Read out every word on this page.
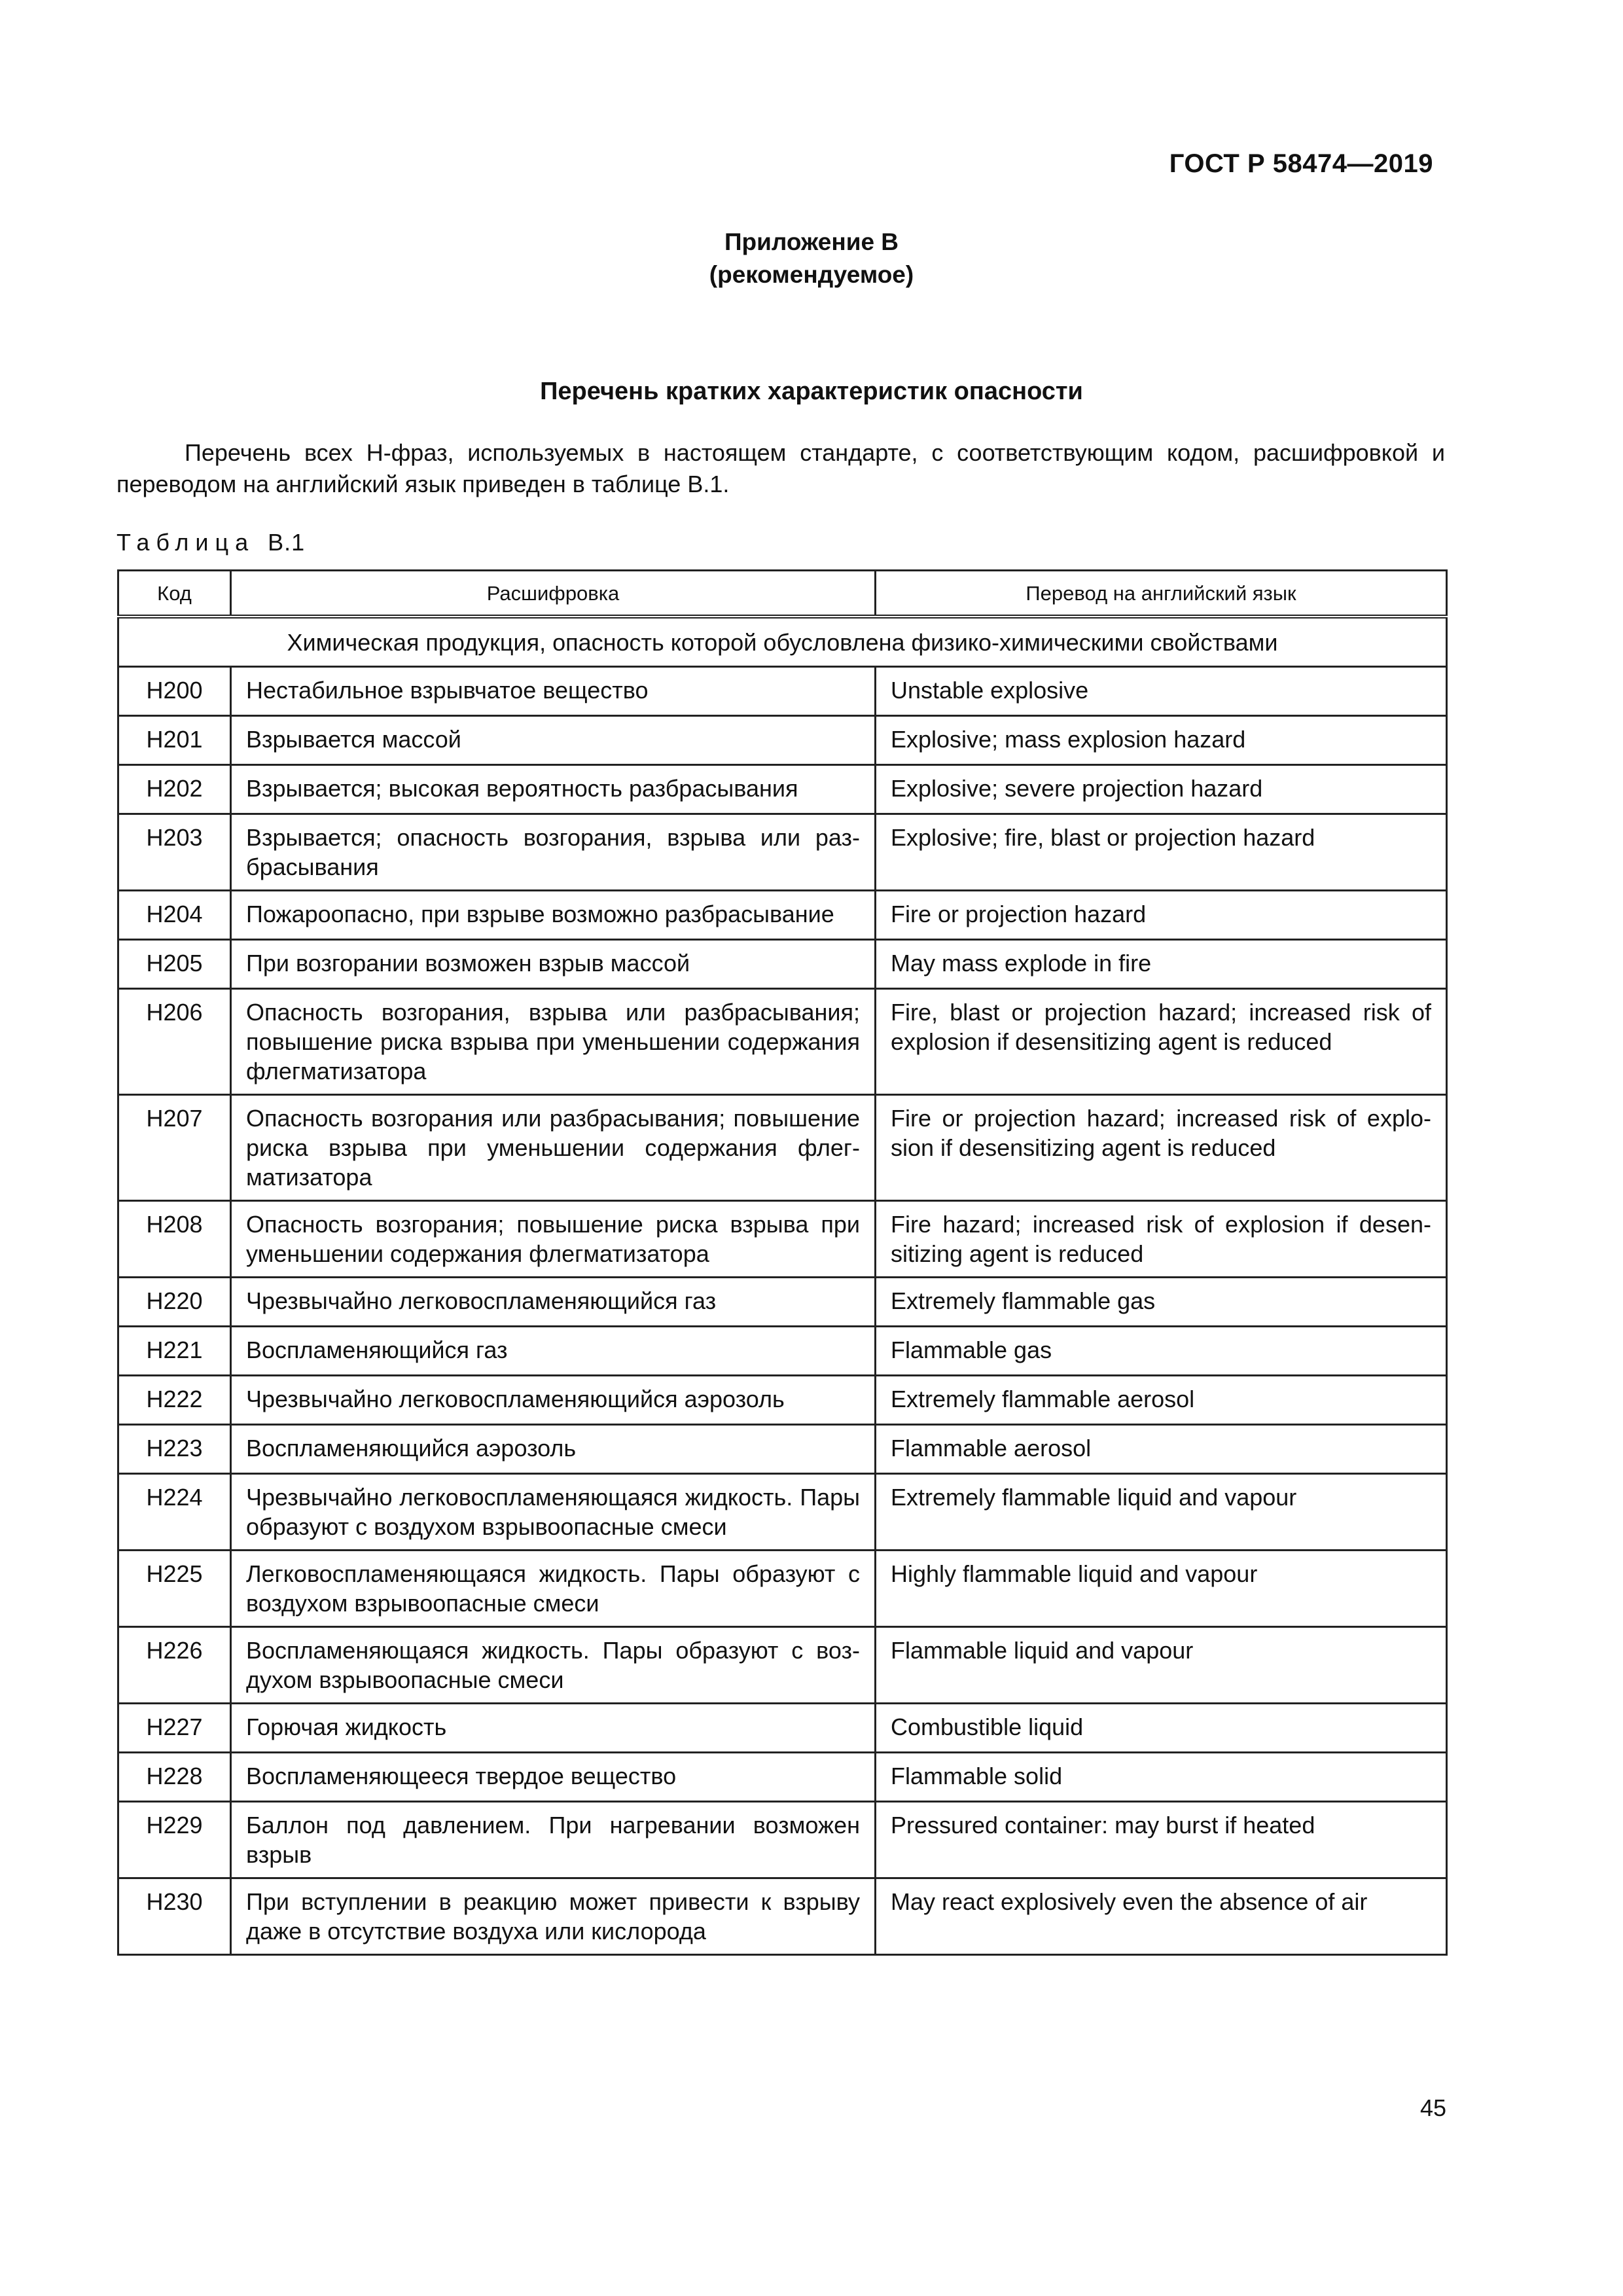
ГОСТ Р 58474—2019
Приложение В
(рекомендуемое)
Перечень кратких характеристик опасности
Перечень всех Н-фраз, используемых в настоящем стандарте, с соответствующим кодом, расшифровкой и переводом на английский язык приведен в таблице В.1.
Таблица В.1
Код	Расшифровка	Перевод на английский язык
Химическая продукция, опасность которой обусловлена физико-химическими свойствами		
Н200	Нестабильное взрывчатое вещество	Unstable explosive
Н201	Взрывается массой	Explosive; mass explosion hazard
Н202	Взрывается; высокая вероятность разбрасывания	Explosive; severe projection hazard
Н203	Взрывается; опасность возгорания, взрыва или разбрасывания	Explosive; fire, blast or projection hazard
Н204	Пожароопасно, при взрыве возможно разбрасывание	Fire or projection hazard
Н205	При возгорании возможен взрыв массой	May mass explode in fire
Н206	Опасность возгорания, взрыва или разбрасывания; повышение риска взрыва при уменьшении содержания флегматизатора	Fire, blast or projection hazard; increased risk of explosion if desensitizing agent is reduced
Н207	Опасность возгорания или разбрасывания; повышение риска взрыва при уменьшении содержания флегматизатора	Fire or projection hazard; increased risk of explosion if desensitizing agent is reduced
Н208	Опасность возгорания; повышение риска взрыва при уменьшении содержания флегматизатора	Fire hazard; increased risk of explosion if desensitizing agent is reduced
Н220	Чрезвычайно легковоспламеняющийся газ	Extremely flammable gas
Н221	Воспламеняющийся газ	Flammable gas
Н222	Чрезвычайно легковоспламеняющийся аэрозоль	Extremely flammable aerosol
Н223	Воспламеняющийся аэрозоль	Flammable aerosol
Н224	Чрезвычайно легковоспламеняющаяся жидкость. Пары образуют с воздухом взрывоопасные смеси	Extremely flammable liquid and vapour
Н225	Легковоспламеняющаяся жидкость. Пары образуют с воздухом взрывоопасные смеси	Highly flammable liquid and vapour
Н226	Воспламеняющаяся жидкость. Пары образуют с воздухом взрывоопасные смеси	Flammable liquid and vapour
Н227	Горючая жидкость	Combustible liquid
Н228	Воспламеняющееся твердое вещество	Flammable solid
Н229	Баллон под давлением. При нагревании возможен взрыв	Pressured container: may burst if heated
Н230	При вступлении в реакцию может привести к взрыву даже в отсутствие воздуха или кислорода	May react explosively even the absence of air
45
